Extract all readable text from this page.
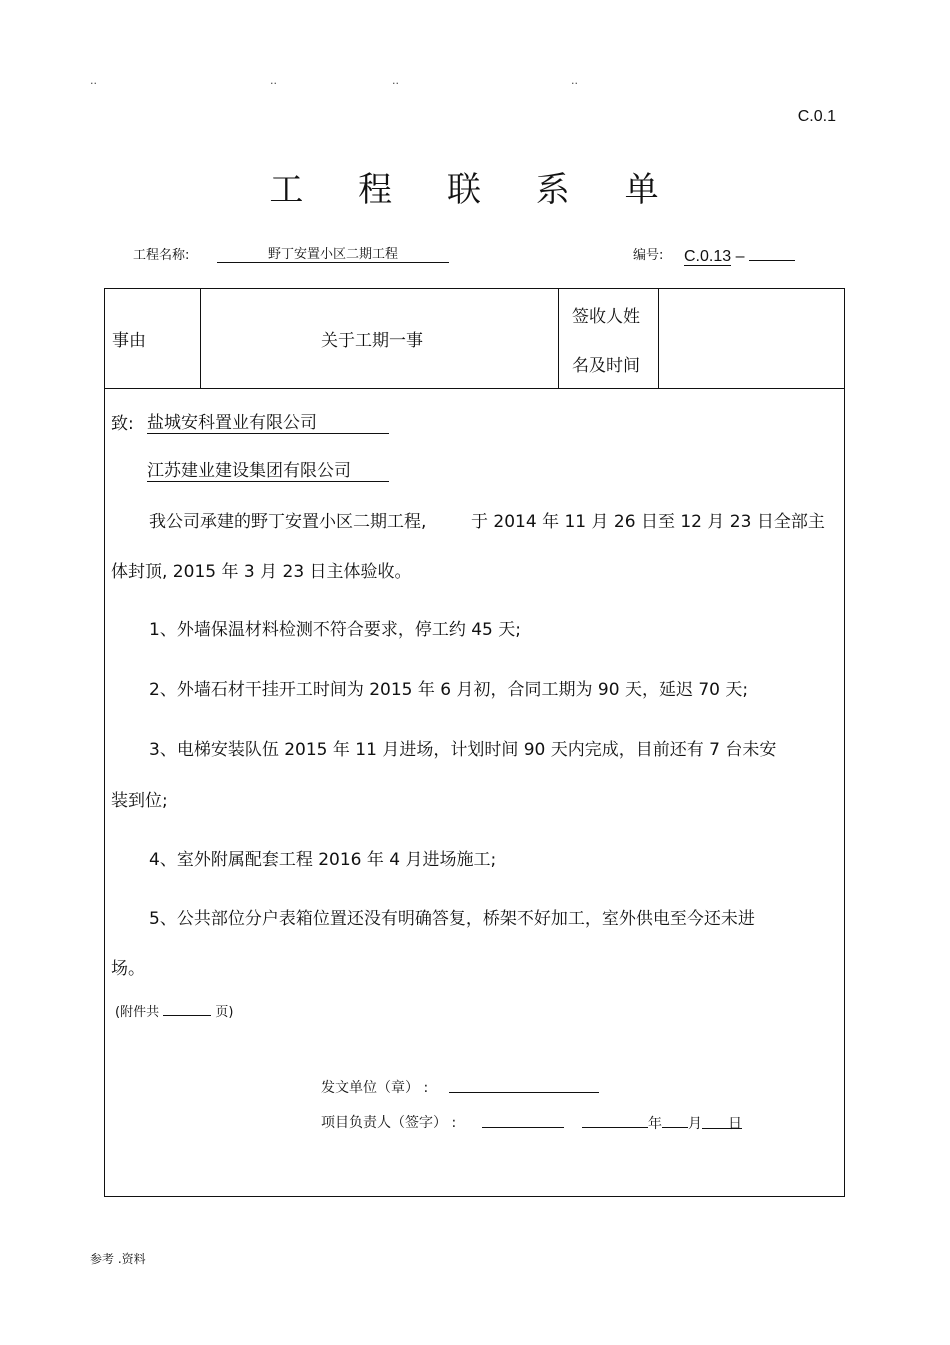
..	..	..	..
C.0.1
工 程 联 系 单
工程名称:	野丁安置小区二期工程	编号: C.0.13 –
事由	关于工期一事
签收人姓
名及时间
致: 盐城安科置业有限公司
江苏建业建设集团有限公司
我公司承建的野丁安置小区二期工程,	于 2014 年 11 月 26 日至 12 月 23 日全部主
体封顶, 2015 年 3 月 23 日主体验收。
1、外墙保温材料检测不符合要求，停工约 45 天;
2、外墙石材干挂开工时间为 2015 年 6 月初，合同工期为 90 天，延迟 70 天;
3、电梯安装队伍 2015 年 11 月进场，计划时间 90 天内完成，目前还有 7 台未安
装到位;
4、室外附属配套工程 2016 年 4 月进场施工;
5、公共部位分户表箱位置还没有明确答复，桥架不好加工，室外供电至今还未进
场。
(附件共	页)
发文单位（章） :
项目负责人（签字） :	年 月 日
参考 .资料
